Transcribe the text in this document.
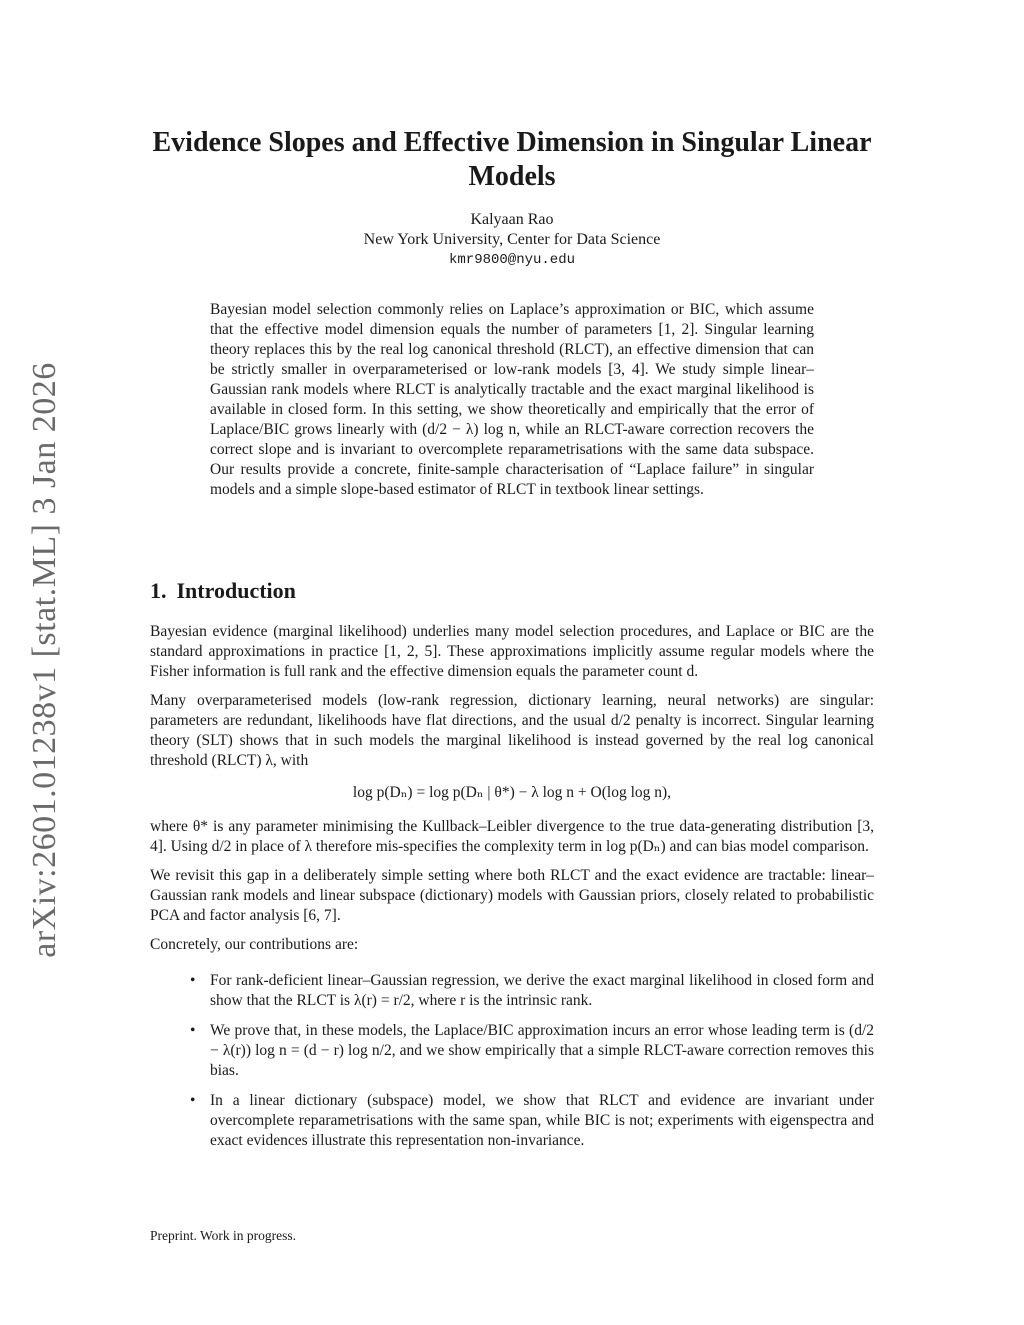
arXiv:2601.01238v1 [stat.ML] 3 Jan 2026
Evidence Slopes and Effective Dimension in Singular Linear Models
Kalyaan Rao
New York University, Center for Data Science
kmr9800@nyu.edu
Bayesian model selection commonly relies on Laplace’s approximation or BIC, which assume that the effective model dimension equals the number of parameters [1, 2]. Singular learning theory replaces this by the real log canonical threshold (RLCT), an effective dimension that can be strictly smaller in overparameterised or low-rank models [3, 4]. We study simple linear–Gaussian rank models where RLCT is analytically tractable and the exact marginal likelihood is available in closed form. In this setting, we show theoretically and empirically that the error of Laplace/BIC grows linearly with (d/2 − λ) log n, while an RLCT-aware correction recovers the correct slope and is invariant to overcomplete reparametrisations with the same data subspace. Our results provide a concrete, finite-sample characterisation of “Laplace failure” in singular models and a simple slope-based estimator of RLCT in textbook linear settings.
1. Introduction

Bayesian evidence (marginal likelihood) underlies many model selection procedures, and Laplace or BIC are the standard approximations in practice [1, 2, 5]. These approximations implicitly assume regular models where the Fisher information is full rank and the effective dimension equals the parameter count d.

Many overparameterised models (low-rank regression, dictionary learning, neural networks) are singular: parameters are redundant, likelihoods have flat directions, and the usual d/2 penalty is incorrect. Singular learning theory (SLT) shows that in such models the marginal likelihood is instead governed by the real log canonical threshold (RLCT) λ, with

log p(Dₙ) = log p(Dₙ | θ*) − λ log n + O(log log n),

where θ* is any parameter minimising the Kullback–Leibler divergence to the true data-generating distribution [3, 4]. Using d/2 in place of λ therefore mis-specifies the complexity term in log p(Dₙ) and can bias model comparison.

We revisit this gap in a deliberately simple setting where both RLCT and the exact evidence are tractable: linear–Gaussian rank models and linear subspace (dictionary) models with Gaussian priors, closely related to probabilistic PCA and factor analysis [6, 7].

Concretely, our contributions are:

• For rank-deficient linear–Gaussian regression, we derive the exact marginal likelihood in closed form and show that the RLCT is λ(r) = r/2, where r is the intrinsic rank.
• We prove that, in these models, the Laplace/BIC approximation incurs an error whose leading term is (d/2 − λ(r)) log n = (d − r) log n/2, and we show empirically that a simple RLCT-aware correction removes this bias.
• In a linear dictionary (subspace) model, we show that RLCT and evidence are invariant under overcomplete reparametrisations with the same span, while BIC is not; experiments with eigenspectra and exact evidences illustrate this representation non-invariance.
Preprint. Work in progress.
